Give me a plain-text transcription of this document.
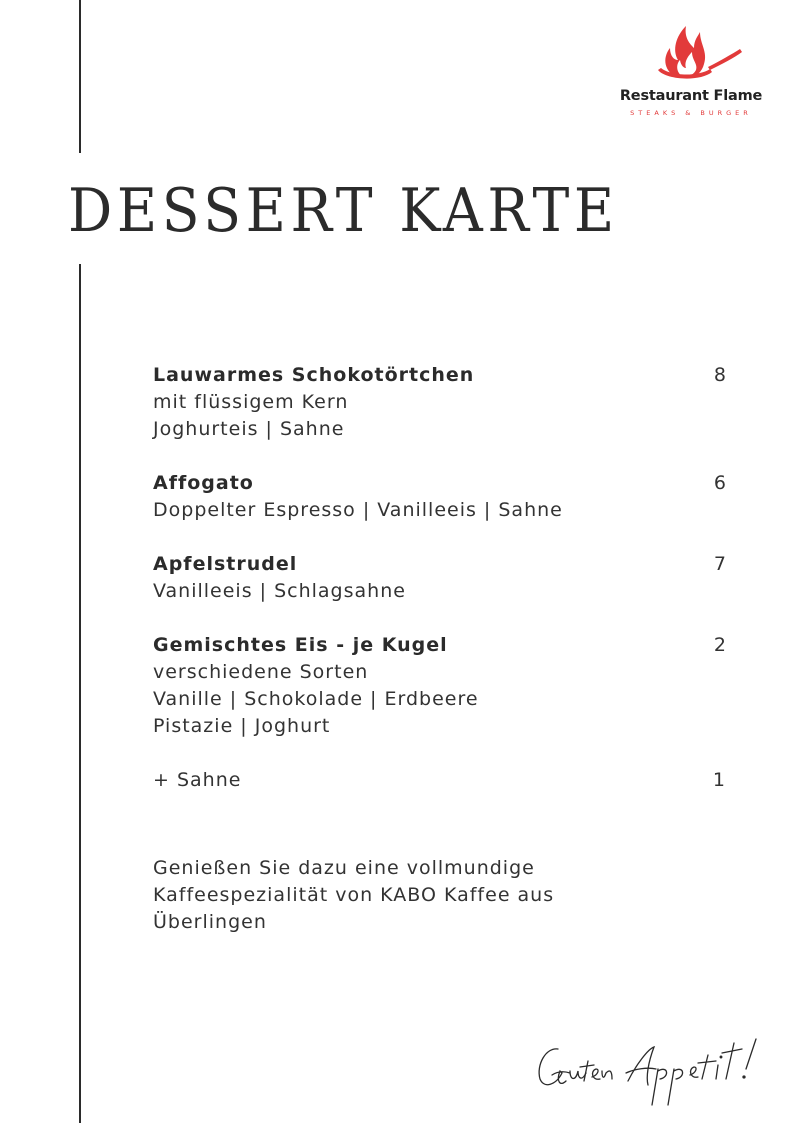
Restaurant Flame
STEAKS & BURGER
DESSERT KARTE
Lauwarmes Schokotörtchen	8
mit flüssigem Kern
Joghurteis | Sahne
Affogato	6
Doppelter Espresso | Vanilleeis | Sahne
Apfelstrudel	7
Vanilleeis | Schlagsahne
Gemischtes Eis - je Kugel	2
verschiedene Sorten
Vanille | Schokolade | Erdbeere
Pistazie | Joghurt
+ Sahne	1
Genießen Sie dazu eine vollmundige
Kaffeespezialität von KABO Kaffee aus
Überlingen
